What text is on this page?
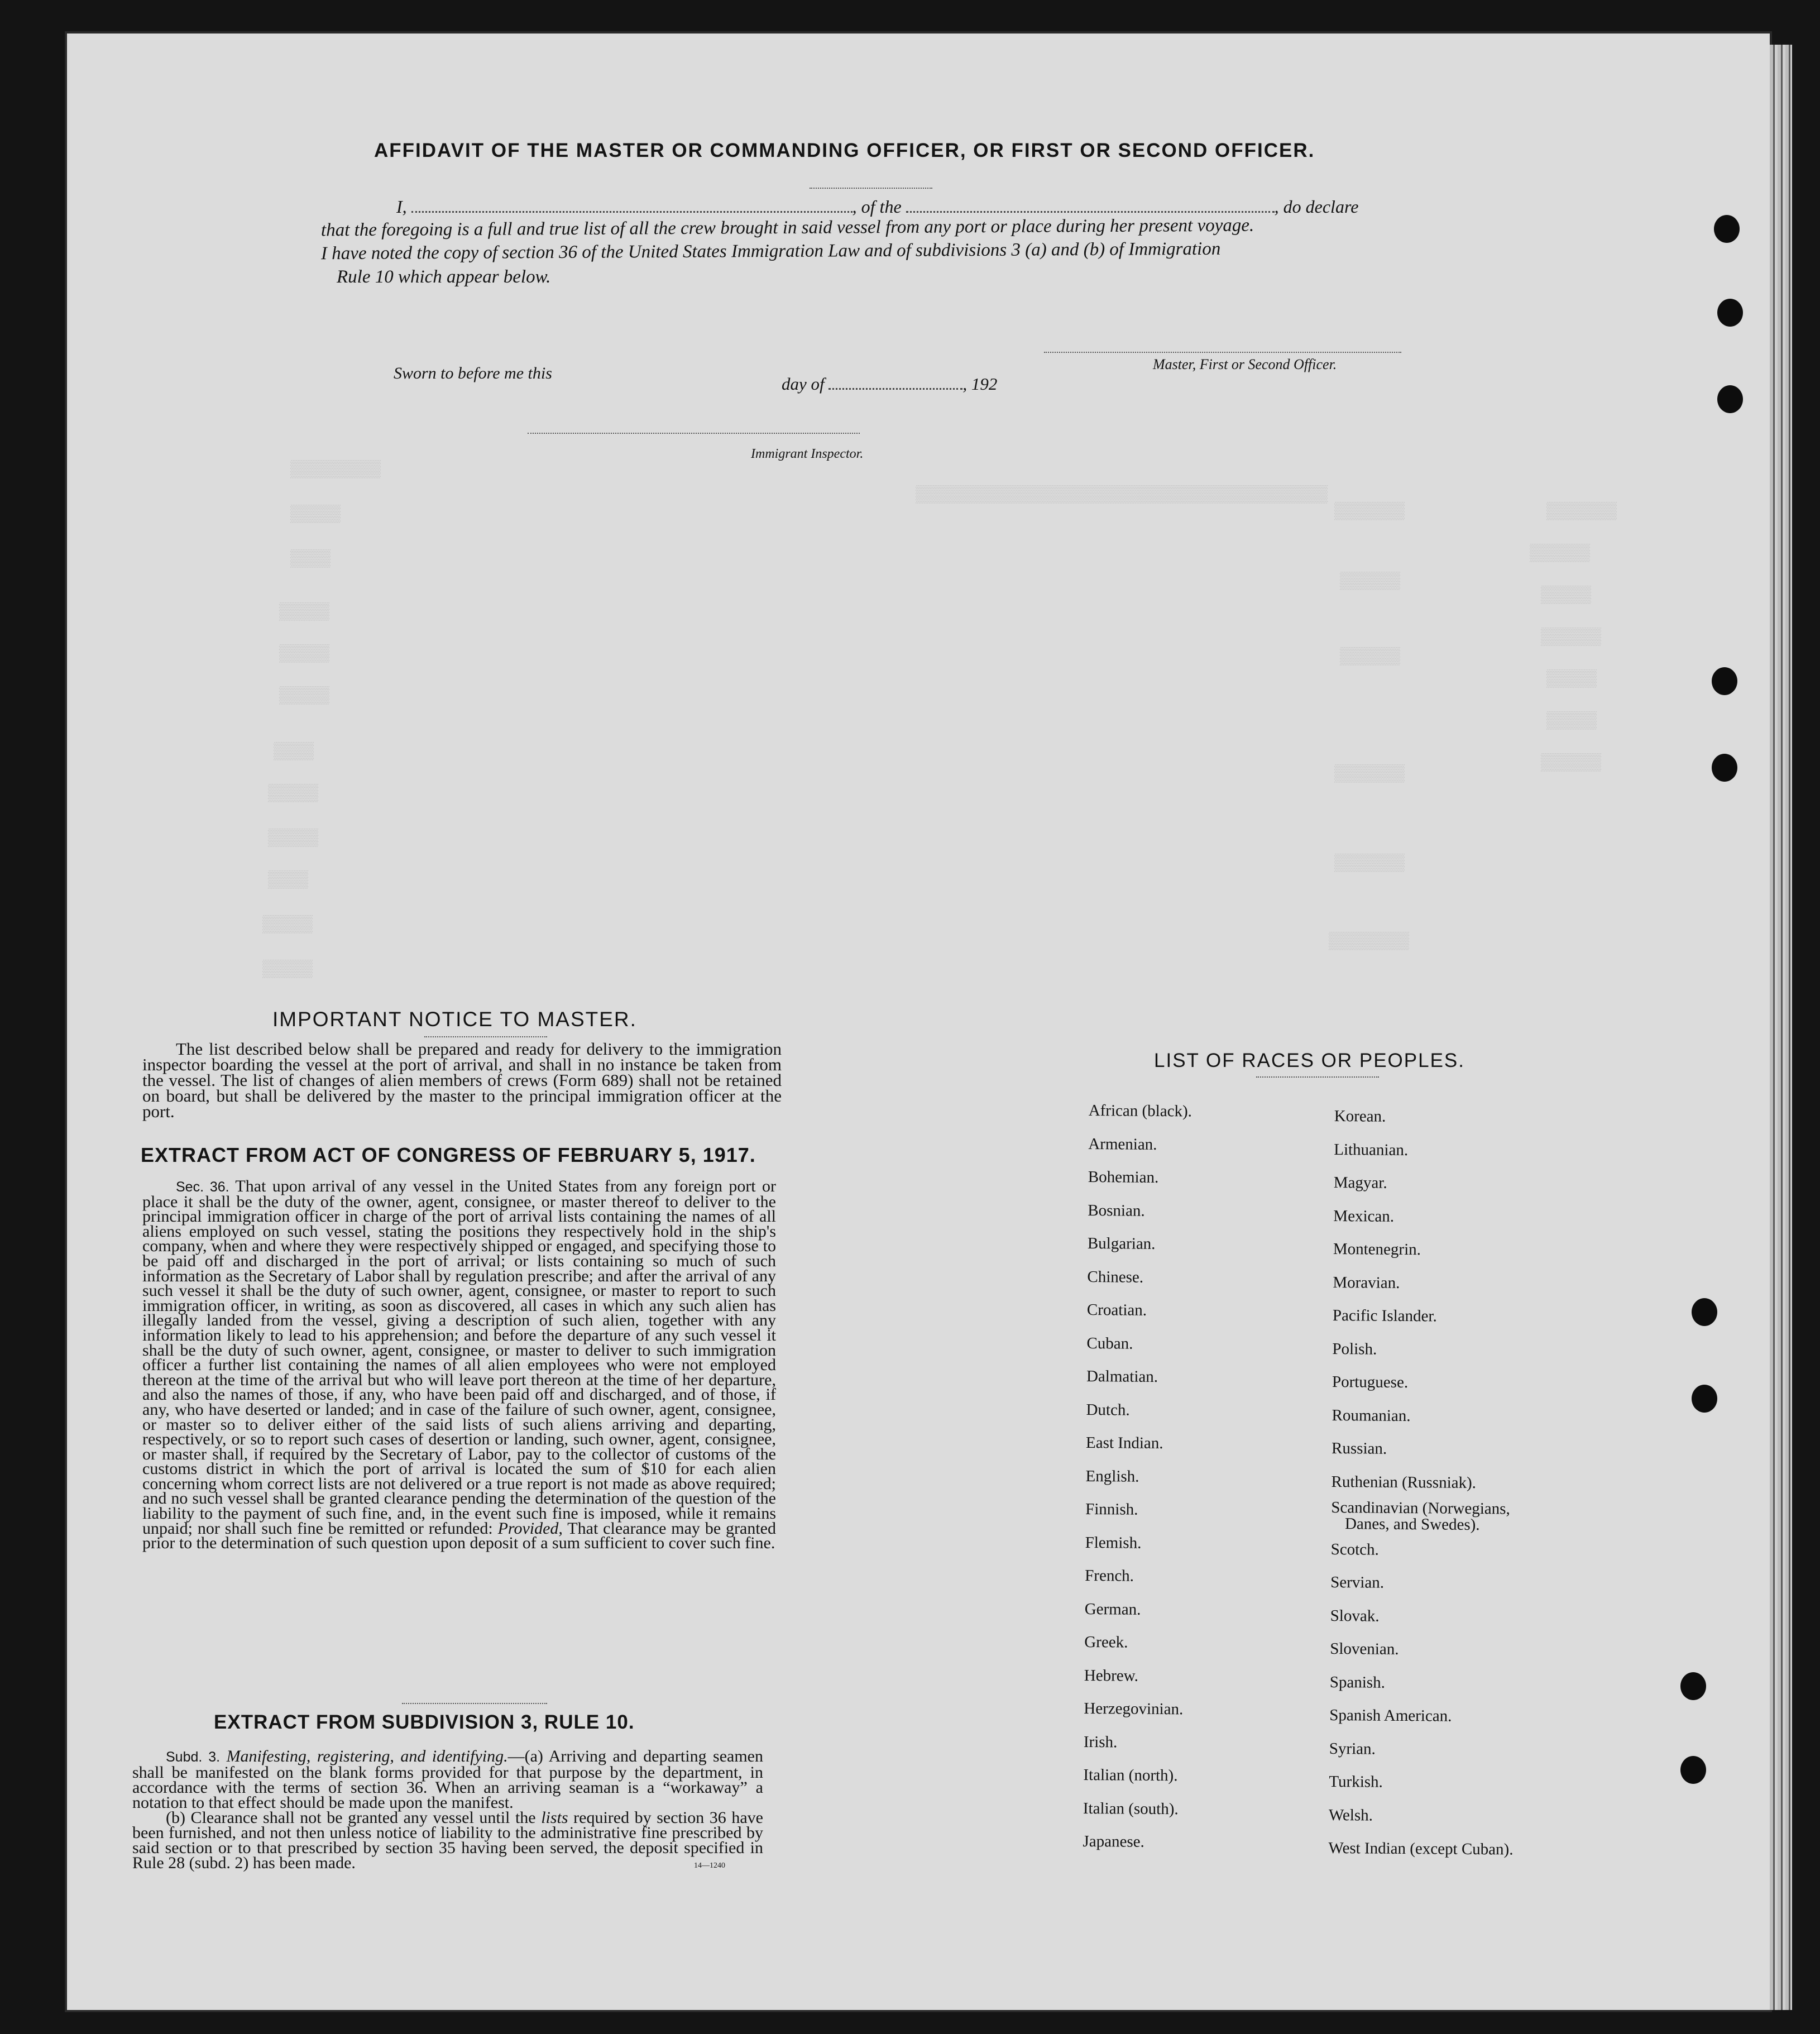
▒▒▒▒▒▒▒
▒▒▒▒▒▒
▒▒▒▒▒
▒▒▒▒▒▒
▒▒▒▒▒
▒▒▒▒▒
▒▒▒▒▒▒
▒▒▒▒▒▒▒
▒▒▒▒▒▒
▒▒▒▒▒▒
▒▒▒▒▒▒▒
▒▒▒▒▒▒▒
▒▒▒▒▒▒▒▒
▒▒▒▒▒▒▒▒▒
▒▒▒▒▒
▒▒▒▒
▒▒▒▒▒
▒▒▒▒▒
▒▒▒▒▒
▒▒▒▒
▒▒▒▒▒
▒▒▒▒▒
▒▒▒▒
▒▒▒▒▒
▒▒▒▒▒
▒▒▒▒▒▒▒▒▒▒▒▒▒▒▒▒▒▒▒▒▒▒▒▒▒▒▒▒▒▒▒▒▒▒▒▒▒▒▒▒▒
AFFIDAVIT OF THE MASTER OR COMMANDING OFFICER, OR FIRST OR SECOND OFFICER.
I,	, of the	, do declare
that the foregoing is a full and true list of all the crew brought in said vessel from any port or place during her present voyage.
I have noted the copy of section 36 of the United States Immigration Law and of subdivisions 3 (a) and (b) of Immigration
Rule 10 which appear below.
Master, First or Second Officer.
Sworn to before me this
day of	, 192
Immigrant Inspector.
IMPORTANT NOTICE TO MASTER.

The list described below shall be prepared and ready for delivery to the immigration inspector boarding the vessel at the port of arrival, and shall in no instance be taken from the vessel. The list of changes of alien members of crews (Form 689) shall not be retained on board, but shall be delivered by the master to the principal immigration officer at the port.

EXTRACT FROM ACT OF CONGRESS OF FEBRUARY 5, 1917.

Sec. 36. That upon arrival of any vessel in the United States from any foreign port or place it shall be the duty of the owner, agent, consignee, or master thereof to deliver to the principal immigration officer in charge of the port of arrival lists containing the names of all aliens employed on such vessel, stating the positions they respectively hold in the ship's company, when and where they were respectively shipped or engaged, and specifying those to be paid off and discharged in the port of arrival; or lists containing so much of such information as the Secretary of Labor shall by regulation prescribe; and after the arrival of any such vessel it shall be the duty of such owner, agent, consignee, or master to report to such immigration officer, in writing, as soon as discovered, all cases in which any such alien has illegally landed from the vessel, giving a description of such alien, together with any information likely to lead to his apprehension; and before the departure of any such vessel it shall be the duty of such owner, agent, consignee, or master to deliver to such immigration officer a further list containing the names of all alien employees who were not employed thereon at the time of the arrival but who will leave port thereon at the time of her departure, and also the names of those, if any, who have been paid off and discharged, and of those, if any, who have deserted or landed; and in case of the failure of such owner, agent, consignee, or master so to deliver either of the said lists of such aliens arriving and departing, respectively, or so to report such cases of desertion or landing, such owner, agent, consignee, or master shall, if required by the Secretary of Labor, pay to the collector of customs of the customs district in which the port of arrival is located the sum of $10 for each alien concerning whom correct lists are not delivered or a true report is not made as above required; and no such vessel shall be granted clearance pending the determination of the question of the liability to the payment of such fine, and, in the event such fine is imposed, while it remains unpaid; nor shall such fine be remitted or refunded: Provided, That clearance may be granted prior to the determination of such question upon deposit of a sum sufficient to cover such fine.

EXTRACT FROM SUBDIVISION 3, RULE 10.

Subd. 3. Manifesting, registering, and identifying.—(a) Arriving and departing seamen shall be manifested on the blank forms provided for that purpose by the department, in accordance with the terms of section 36. When an arriving seaman is a “workaway” a notation to that effect should be made upon the manifest.

(b) Clearance shall not be granted any vessel until the lists required by section 36 have been furnished, and not then unless notice of liability to the administrative fine prescribed by said section or to that prescribed by section 35 having been served, the deposit specified in Rule 28 (subd. 2) has been made.	14—1240
LIST OF RACES OR PEOPLES.
African (black).
Armenian.
Bohemian.
Bosnian.
Bulgarian.
Chinese.
Croatian.
Cuban.
Dalmatian.
Dutch.
East Indian.
English.
Finnish.
Flemish.
French.
German.
Greek.
Hebrew.
Herzegovinian.
Irish.
Italian (north).
Italian (south).
Japanese.
Korean.
Lithuanian.
Magyar.
Mexican.
Montenegrin.
Moravian.
Pacific Islander.
Polish.
Portuguese.
Roumanian.
Russian.
Ruthenian (Russniak).
Scandinavian (Norwegians,
Danes, and Swedes).
Scotch.
Servian.
Slovak.
Slovenian.
Spanish.
Spanish American.
Syrian.
Turkish.
Welsh.
West Indian (except Cuban).
